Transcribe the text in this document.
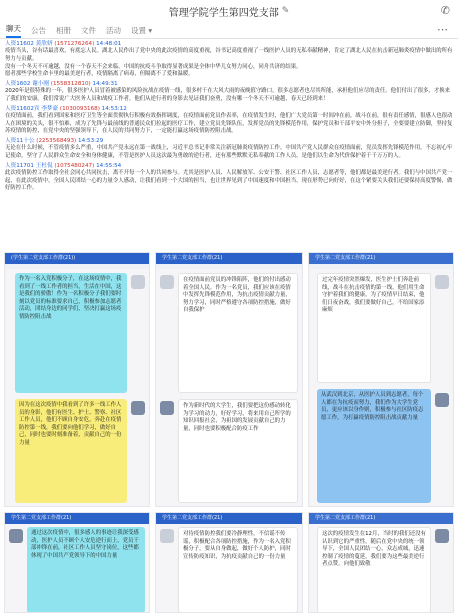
管理学院学生第四党支部 ✎	✆
聊天 公告 相册 文件 活动 设置 ▾	⋯
人资11602 黄欣妍 (1571276264) 14:48:01
疫情当头，谷有话最喜欢，有底忘人民。湖北人民作出了党中央的此次疫情的高度重视，谷书记高度重视了一线医护人员的无私奉献精神，肯定了湖北人民在抗击新冠肺炎疫情中做出的所有努力与贡献。
没有一个冬天不可逾越，没有一个春天不会来临。中国的抗疫斗争取得显著成果是全体中华儿女努力同心，同舟共济的结果。
愿者那些学校生命卡里的最美逆行者，疫情隔离了病毒，但隔离不了爱和温暖。
人资1602 谢小刚 (1558312810) 14:49:31
2020年是很特殊的一年，很多医护人员冒着被感染的风险抗战在疫情一线，很多村干在大风大雨的夜晚值守路口，很多志愿者也尽其所能，承担他们应尽的责任。他们付出了很多，才换来了我们的安康。我们常说广大医务人员和战疫工作者，他们从逆行者的身影去见证我们奋勇，没有哪一个冬天不可逾越，春天已经到来！
人资11602宾 李梦豪 (1030093168) 14:53:12
在疫情面前，我们看到国家和医疗卫生等全面贯彻执行积极有效指挥调度，在疫情面前党员作表率，在疫情发生时，他们广大党员第一时间冲在前，战斗在前，很有责任感情，很感人也很动人在困境的关头，很不怕难，成为了先锋与最前线的普通民众们拉起的医疗工作，建立党员先锋队伍，发挥党员的先锋模范作用，保护党员和干部平安中外分担子，全要要建立防御，坚持复苏疫情的防控，在党中央的坚强领导下，在人民的共同努力下，一定能打赢这场疫情防控阻击战。
人资11十公 (2253568493) 14:53:29
无论在什么时候，不管疫情多么严重，中国共产党永远在第一战线上，习近平总书记非常关注新冠肺炎疫情防控工作。中国共产党人民群众在疫情面前，党员发挥先锋模范作用，不忘初心牢记使命，坚守了人民群众生命安全和身体健康，不管是医护人员这次最为勇敢的逆行者，还有那些默默无私奉献的工作人员，是他们以生命为代价保护着千千万万的人。
人资11701 王杜侃 (1075480247) 14:55:54
此次疫情防控工作取得全社会同心共同抗击，离不开每一个人的共同参与。尤其是医护人员、人民解放军、公安干警、社区工作人员、志愿者等，他们都是最美逆行者。我们与中国共产党一起，在此次疫情中，全国人民团结一心的力量令人感动，让我们看到一个大国的担当，也让世界见到了中国速度和中国担当。现在形势已向好好，在这个紧要关头我们还要保持高度警惕，做好防控工作。
(学生第二党支部工作群(21))
作为一名入党积极分子，在这场疫情中，我看到了一线工作者的担当，生活在中国，这是我们的骄傲！作为一名积极分子我们要时刻以党员的标准要求自己，积极参加志愿者活动，团结身边的同学们，坚决打赢这场疫情防控阻击战
因为在这次疫情中我看到了许多一线工作人员的身影，他们有医生、护士、警察、社区工作人员，他们不顾自身安危，奔赴在疫情防控第一线，我们要向他们学习，做好自己，同时也要时刻准备着，贡献自己的一份力量
学生第二党支部工作群(21)
在疫情面前党员的冲锋陷阵，他们的付出感动着全国人民。作为一名党员，我们应该在疫情中发挥先锋模范作用，为抗击疫情贡献力量，努力学习，同时严格遵守各项防控措施，做好自我保护
作为新时代的大学生，我们要把这份感动转化为学习的动力，好好学习，将来用自己所学的知识回报社会，为祖国的发展贡献自己的力量，同时也要积极配合防疫工作
学生第二党支部工作群(21)
过完年疫情突然爆发，医生护士们奔赴前线，战斗在抗击疫情的第一线，他们用生命守护着我们的健康，为了疫情早日结束，他们日夜奋战，我们要做好自己，不给国家添麻烦
从武汉到北京，从医护人员到志愿者，每个人都在为抗疫而努力，我们作为大学生党员，更应该以身作则，积极参与社区防疫志愿工作，为打赢疫情防控阻击战贡献力量
学生第二党支部工作群(21)
通过这次疫情中，很多感人的事迹让我深受感动，医护人员不顾个人安危逆行而上，党员干部冲锋在前，社区工作人员坚守岗位，这些都体现了中国共产党领导下的中国力量
学生第二党支部工作群(21)
对待疫情防控我们要冷静理性，不信谣不传谣，积极配合各项防控措施，作为一名入党积极分子，要从自身做起，做好个人防护，同时宣传防疫知识，为抗疫贡献自己的一份力量
学生第二党支部工作群(21)
这次的疫情发生在12月，当时的我们还没有认识到它的严重性，随后在党中央的统一领导下，全国人民团结一心，众志成城，迅速控制了疫情的蔓延，我们要为这些最美逆行者点赞，向他们致敬
